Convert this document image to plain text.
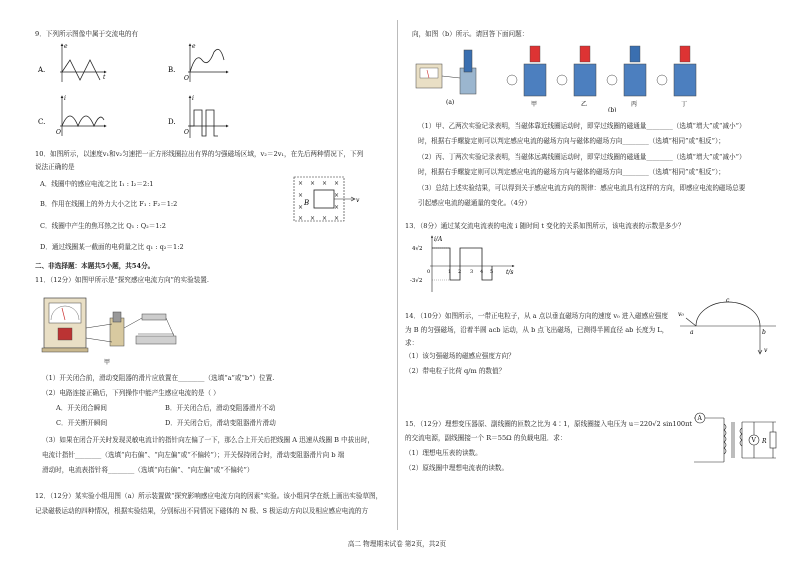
9．下列所示图像中属于交流电的有
A.
e
t
B.
e
O
C.
i
O
D.
i
O
10．如图所示，以速度v₁和v₂匀速把一正方形线圈拉出有界的匀强磁场区域，v₂＝2v₁，在先后两种情况下，下列
说法正确的是
A．线圈中的感应电流之比 I₁ : I₂＝2:1
B．作用在线圈上的外力大小之比 F₁ : F₂＝1:2
C．线圈中产生的焦耳热之比 Q₁ : Q₂＝1:2
D．通过线圈某一截面的电荷量之比 q₁ : q₂＝1:2
× × × ×
×	×
×	×
× × × ×
B	v
二、非选择题：本题共5小题，共54分。
11．（12分）如图甲所示是“探究感应电流方向”的实验装置.
甲
（1）开关闭合前，滑动变阻器的滑片应放置在________（选填“a”或“b”）位置.
（2）电路连接正确后，下列操作中能产生感应电流的是（ ）
A．开关闭合瞬间	B．开关闭合后，滑动变阻器滑片不动
C．开关断开瞬间	D．开关闭合后，滑动变阻器滑片滑动
（3）如果在闭合开关时发现灵敏电流计的指针向左偏了一下，那么合上开关后把线圈 A 迅速从线圈 B 中拔出时，
电流计指针________（选填“向右偏”、“向左偏”或“不偏转”）；开关保持闭合时，滑动变阻器滑片向 b 端
滑动时，电流表指针将________（选填“向右偏”、“向左偏”或“不偏转”）
12．（12分）某实验小组用图（a）所示装置做“探究影响感应电流方向的因素”实验。该小组同学在纸上画出实验草图，
记录磁极运动的四种情况，根据实验结果，分别标出不同情况下磁体的 N 极、S 极运动方向以及相应感应电流的方
向，如图（b）所示。请回答下面问题：
(a)	甲	乙	丙	丁
(b)
（1）甲、乙两次实验记录表明，当磁体靠近线圈运动时，即穿过线圈的磁通量________（选填“增大”或“减小”）
时，根据右手螺旋定则可以判定感应电流的磁场方向与磁体的磁场方向________（选填“相同”或“相反”）；
（2）丙、丁两次实验记录表明，当磁体远离线圈运动时，即穿过线圈的磁通量________（选填“增大”或“减小”）
时，根据右手螺旋定则可以判定感应电流的磁场方向与磁体的磁场方向________（选填“相同”或“相反”）；
（3）总结上述实验结果，可以得到关于感应电流方向的规律：感应电流具有这样的方向，即感应电流的磁场总要
引起感应电流的磁通量的变化。（4分）
13．（8分）通过某交流电流表的电流 i 随时间 t 变化的关系如图所示，该电流表的示数是多少？
i/A
t/s
4√2
-3√2
0	1 2 3 4 5
14．（10分）如图所示，一带正电粒子，从 a 点以垂直磁场方向的速度 v₀ 进入磁感应强度
为 B 的匀强磁场，沿着半圆 acb 运动，从 b 点飞出磁场，已测得半圆直径 ab 长度为 L，
求：
（1）该匀强磁场的磁感应强度方向？
（2）带电粒子比荷 q/m 的数值？
a	b
c
v₀
v
15．（12分）理想变压器原、副线圈的匝数之比为 4∶1，原线圈接入电压为 u＝220√2 sin100πt
的交流电源，副线圈接一个 R＝55Ω 的负载电阻．求：
（1）理想电压表的读数。
（2）原线圈中理想电流表的读数。
A
V R
高二 物理期末试卷 第2页，共2页
